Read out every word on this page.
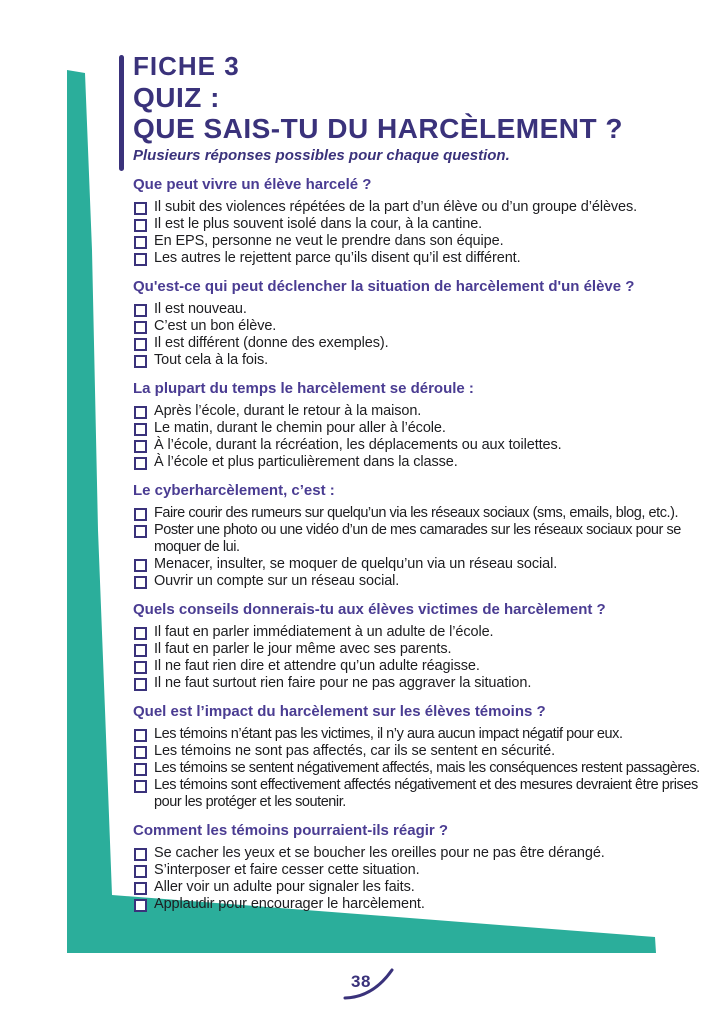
FICHE 3
QUIZ :
QUE SAIS-TU DU HARCÈLEMENT ?
Plusieurs réponses possibles pour chaque question.
Que peut vivre un élève harcelé ?
Il subit des violences répétées de la part d’un élève ou d’un groupe d’élèves.
Il est le plus souvent isolé dans la cour, à la cantine.
En EPS, personne ne veut le prendre dans son équipe.
Les autres le rejettent parce qu’ils disent qu’il est différent.
Qu'est-ce qui peut déclencher la situation de harcèlement d'un élève ?
Il est nouveau.
C’est un bon élève.
Il est différent (donne des exemples).
Tout cela à la fois.
La plupart du temps le harcèlement se déroule :
Après l’école, durant le retour à la maison.
Le matin, durant le chemin pour aller à l’école.
À l’école, durant la récréation, les déplacements ou aux toilettes.
À l’école et plus particulièrement dans la classe.
Le cyberharcèlement, c’est :
Faire courir des rumeurs sur quelqu’un via les réseaux sociaux (sms, emails, blog, etc.).
Poster une photo ou une vidéo d’un de mes camarades sur les réseaux sociaux pour se moquer de lui.
Menacer, insulter, se moquer de quelqu’un via un réseau social.
Ouvrir un compte sur un réseau social.
Quels conseils donnerais-tu aux élèves victimes de harcèlement ?
Il faut en parler immédiatement à un adulte de l’école.
Il faut en parler le jour même avec ses parents.
Il ne faut rien dire et attendre qu’un adulte réagisse.
Il ne faut surtout rien faire pour ne pas aggraver la situation.
Quel est l’impact du harcèlement sur les élèves témoins ?
Les témoins n’étant pas les victimes, il n’y aura aucun impact négatif pour eux.
Les témoins ne sont pas affectés, car ils se sentent en sécurité.
Les témoins se sentent négativement affectés, mais les conséquences restent passagères.
Les témoins sont effectivement affectés négativement et des mesures devraient être prises pour les protéger et les soutenir.
Comment les témoins pourraient-ils réagir ?
Se cacher les yeux et se boucher les oreilles pour ne pas être dérangé.
S’interposer et faire cesser cette situation.
Aller voir un adulte pour signaler les faits.
Applaudir pour encourager le harcèlement.
38
